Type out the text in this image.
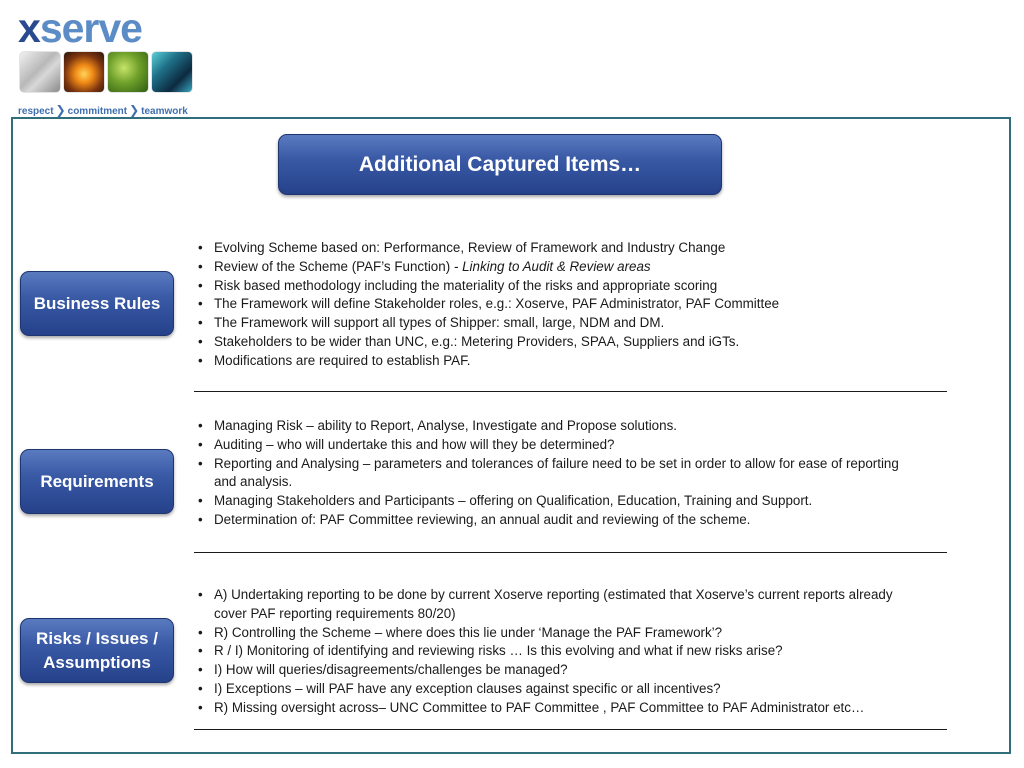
xserve
respect ❯ commitment ❯ teamwork
Additional Captured Items…
Business Rules
Requirements
Risks / Issues /
Assumptions
• Evolving Scheme based on: Performance, Review of Framework and Industry Change
• Review of the Scheme (PAF’s Function) - Linking to Audit & Review areas
• Risk based methodology including the materiality of the risks and appropriate scoring
• The Framework will define Stakeholder roles, e.g.: Xoserve, PAF Administrator, PAF Committee
• The Framework will support all types of Shipper: small, large, NDM and DM.
• Stakeholders to be wider than UNC, e.g.: Metering Providers, SPAA, Suppliers and iGTs.
• Modifications are required to establish PAF.
• Managing Risk – ability to Report, Analyse, Investigate and Propose solutions.
• Auditing – who will undertake this and how will they be determined?
• Reporting and Analysing – parameters and tolerances of failure need to be set in order to allow for ease of reporting and analysis.
• Managing Stakeholders and Participants – offering on Qualification, Education, Training and Support.
• Determination of: PAF Committee reviewing, an annual audit and reviewing of the scheme.
• A) Undertaking reporting to be done by current Xoserve reporting (estimated that Xoserve’s current reports already cover PAF reporting requirements 80/20)
• R) Controlling the Scheme – where does this lie under ‘Manage the PAF Framework’?
• R / I) Monitoring of identifying and reviewing risks … Is this evolving and what if new risks arise?
• I) How will queries/disagreements/challenges be managed?
• I) Exceptions – will PAF have any exception clauses against specific or all incentives?
• R) Missing oversight across– UNC Committee to PAF Committee , PAF Committee to PAF Administrator etc…
